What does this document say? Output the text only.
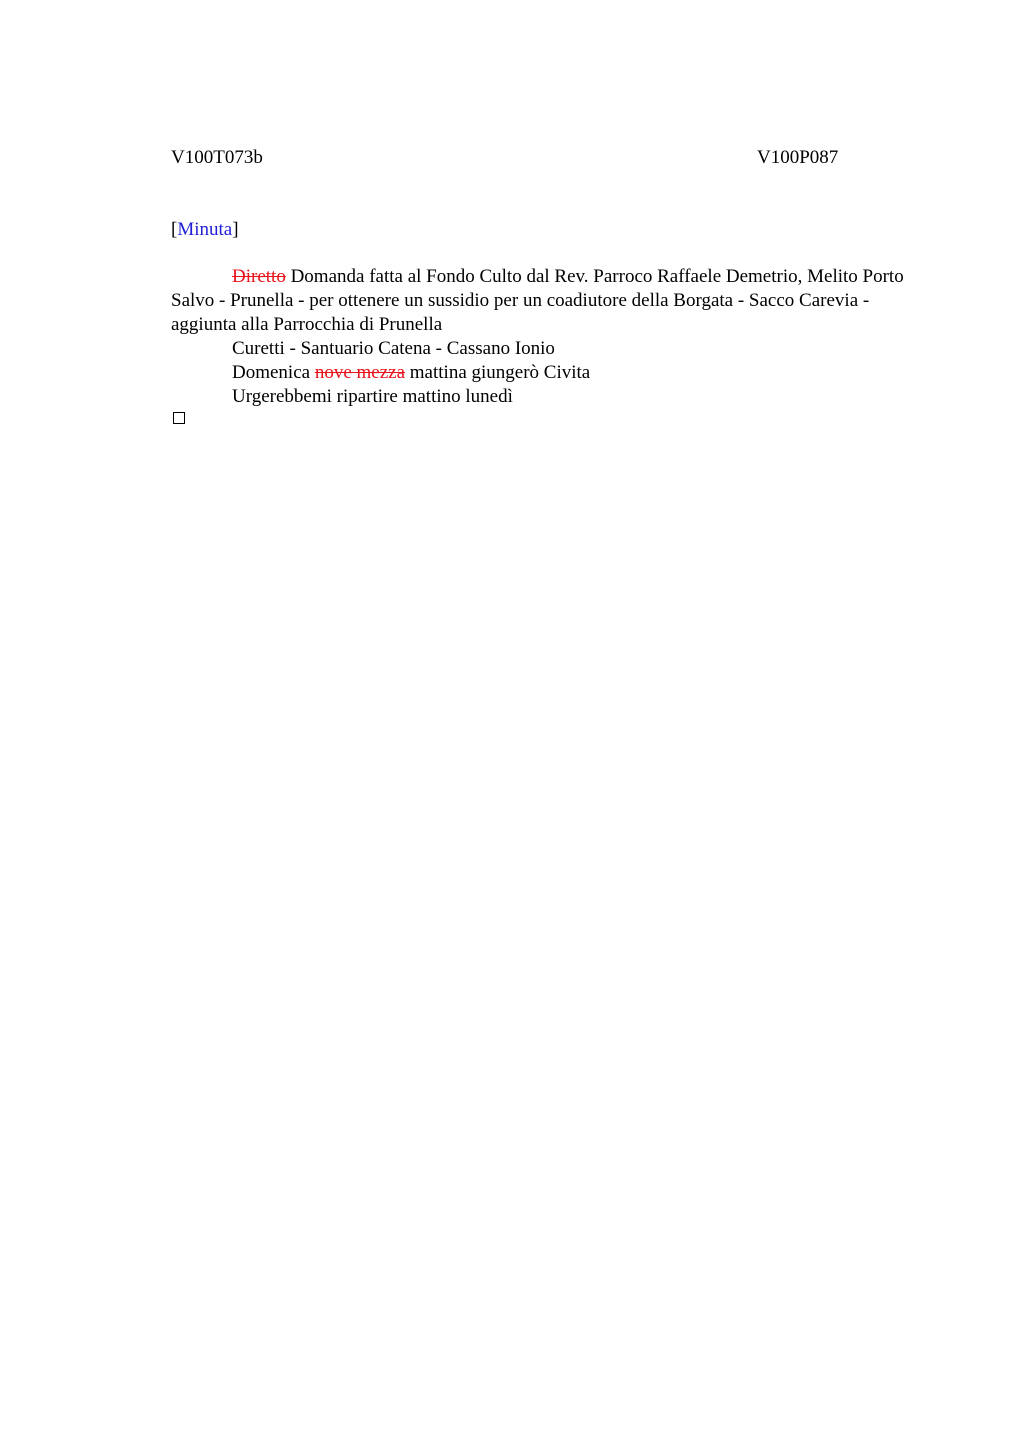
V100T073b	V100P087
[Minuta]

Diretto Domanda fatta al Fondo Culto dal Rev. Parroco Raffaele Demetrio, Melito Porto Salvo - Prunella - per ottenere un sussidio per un coadiutore della Borgata - Sacco Carevia - aggiunta alla Parrocchia di Prunella

Curetti - Santuario Catena - Cassano Ionio

Domenica nove mezza mattina giungerò Civita

Urgerebbemi ripartire mattino lunedì
